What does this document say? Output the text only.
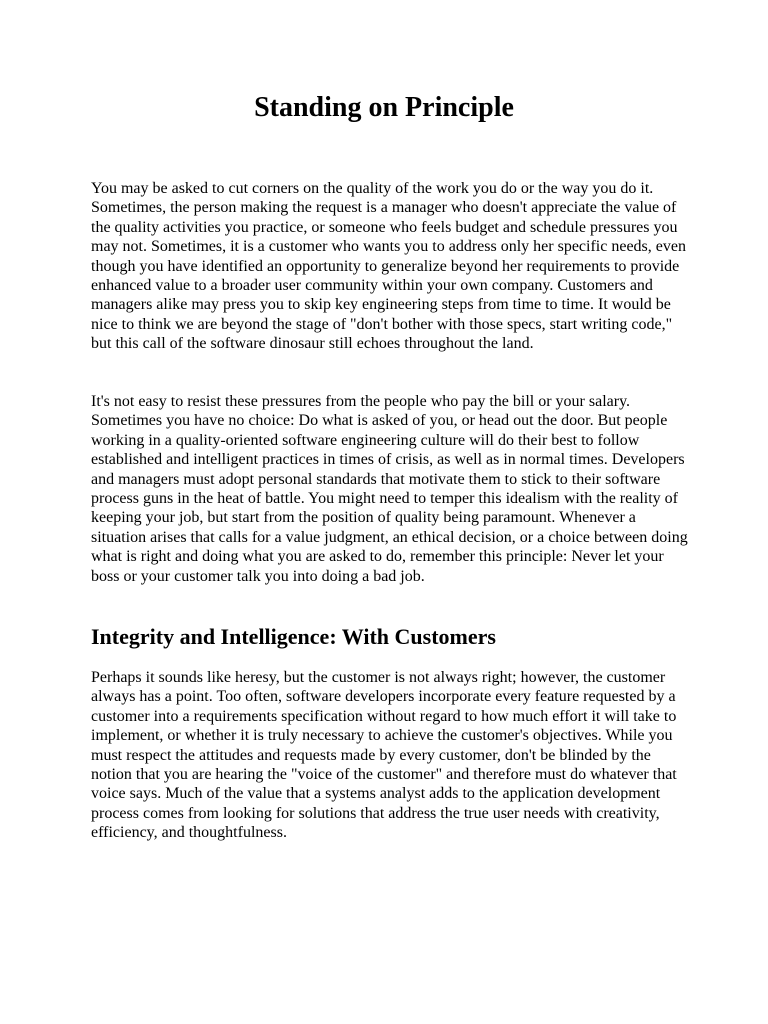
Standing on Principle

You may be asked to cut corners on the quality of the work you do or the way you do it. Sometimes, the person making the request is a manager who doesn't appreciate the value of the quality activities you practice, or someone who feels budget and schedule pressures you may not. Sometimes, it is a customer who wants you to address only her specific needs, even though you have identified an opportunity to generalize beyond her requirements to provide enhanced value to a broader user community within your own company. Customers and managers alike may press you to skip key engineering steps from time to time. It would be nice to think we are beyond the stage of "don't bother with those specs, start writing code," but this call of the software dinosaur still echoes throughout the land.

It's not easy to resist these pressures from the people who pay the bill or your salary. Sometimes you have no choice: Do what is asked of you, or head out the door. But people working in a quality-oriented software engineering culture will do their best to follow established and intelligent practices in times of crisis, as well as in normal times. Developers and managers must adopt personal standards that motivate them to stick to their software process guns in the heat of battle. You might need to temper this idealism with the reality of keeping your job, but start from the position of quality being paramount. Whenever a situation arises that calls for a value judgment, an ethical decision, or a choice between doing what is right and doing what you are asked to do, remember this principle: Never let your boss or your customer talk you into doing a bad job.

Integrity and Intelligence: With Customers

Perhaps it sounds like heresy, but the customer is not always right; however, the customer always has a point. Too often, software developers incorporate every feature requested by a customer into a requirements specification without regard to how much effort it will take to implement, or whether it is truly necessary to achieve the customer's objectives. While you must respect the attitudes and requests made by every customer, don't be blinded by the notion that you are hearing the "voice of the customer" and therefore must do whatever that voice says. Much of the value that a systems analyst adds to the application development process comes from looking for solutions that address the true user needs with creativity, efficiency, and thoughtfulness.
